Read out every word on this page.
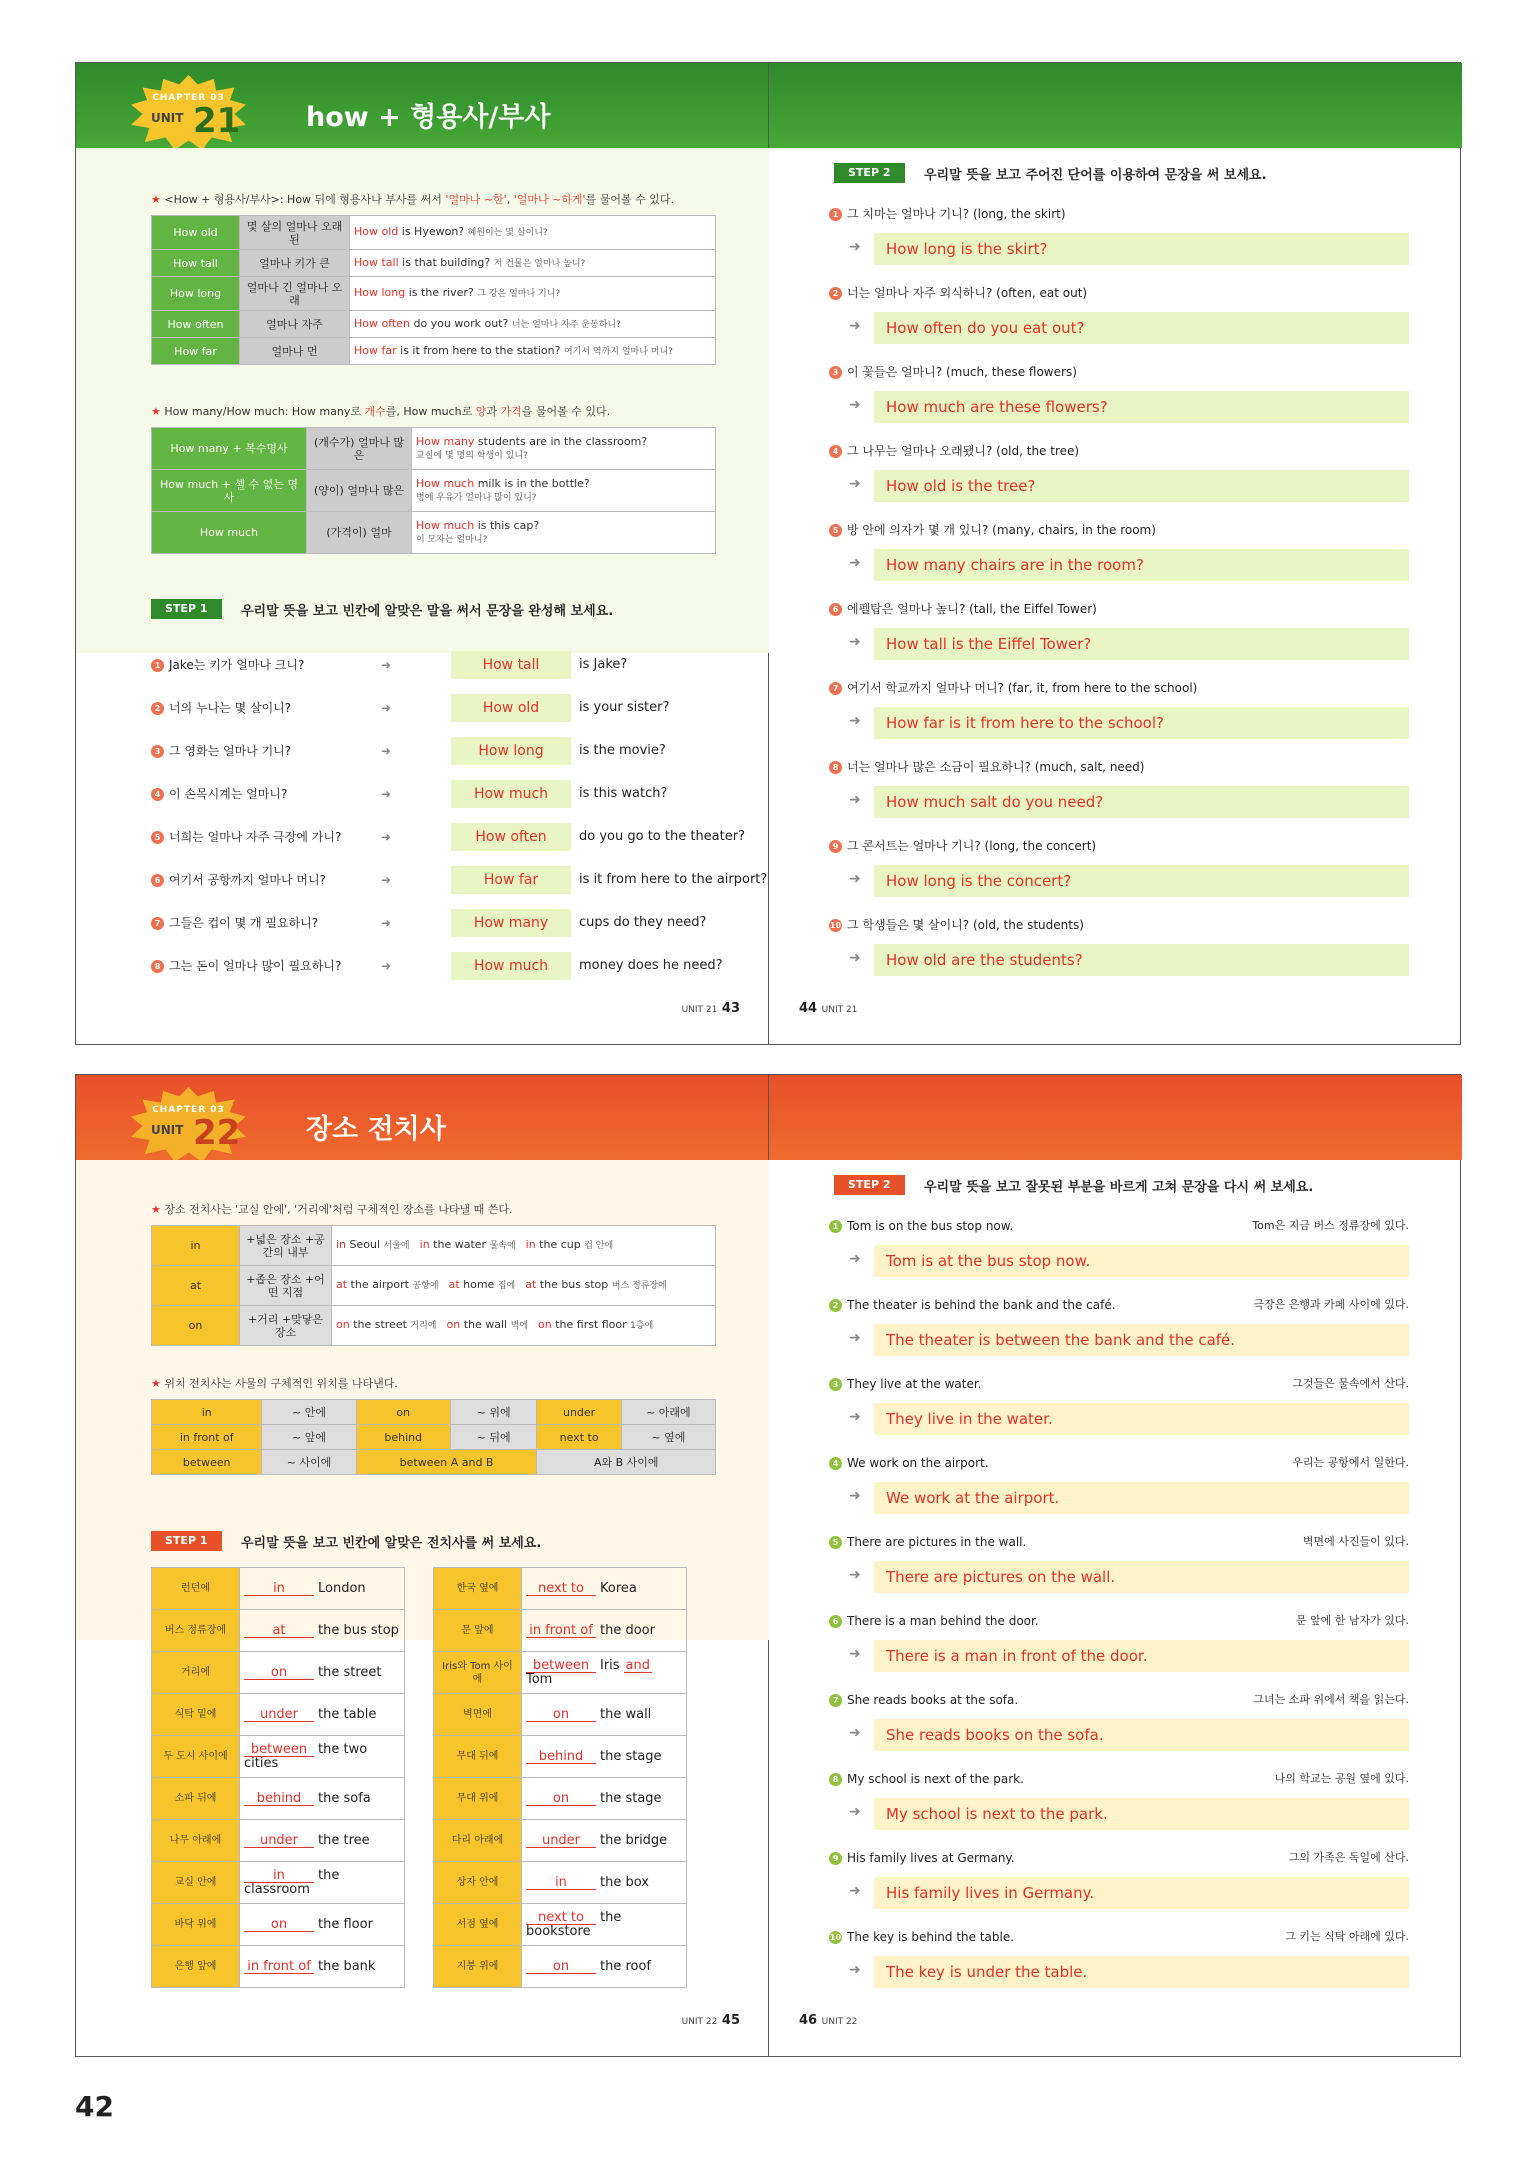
CHAPTER 03
UNIT 21 how + 형용사/부사
★ <How + 형용사/부사>: How 뒤에 형용사나 부사를 써서 '얼마나 ~한', '얼마나 ~하게'를 물어볼 수 있다.
How old	몇 살의 얼마나 오래된	How old is Hyewon? 혜원이는 몇 살이니?
How tall	얼마나 키가 큰	How tall is that building? 저 건물은 얼마나 높니?
How long	얼마나 긴 얼마나 오래	How long is the river? 그 강은 얼마나 기니?
How often	얼마나 자주	How often do you work out? 너는 얼마나 자주 운동하니?
How far	얼마나 먼	How far is it from here to the station? 여기서 역까지 얼마나 머니?
★ How many/How much: How many로 개수를, How much로 양과 가격을 물어볼 수 있다.
How many + 복수명사	(개수가) 얼마나 많은	How many students are in the classroom?
교실에 몇 명의 학생이 있니?
How much + 셀 수 없는 명사	(양이) 얼마나 많은	How much milk is in the bottle?
병에 우유가 얼마나 많이 있니?
How much	(가격이) 얼마	How much is this cap?
이 모자는 얼마니?
STEP 1	우리말 뜻을 보고 빈칸에 알맞은 말을 써서 문장을 완성해 보세요.
1 Jake는 키가 얼마나 크니?	➜	How tall	is Jake?
2 너의 누나는 몇 살이니?	➜	How old	is your sister?
3 그 영화는 얼마나 기니?	➜	How long	is the movie?
4 이 손목시계는 얼마니?	➜	How much	is this watch?
5 너희는 얼마나 자주 극장에 가니?	➜	How often	do you go to the theater?
6 여기서 공항까지 얼마나 머니?	➜	How far	is it from here to the airport?
7 그들은 컵이 몇 개 필요하니?	➜	How many	cups do they need?
8 그는 돈이 얼마나 많이 필요하니?	➜	How much	money does he need?
UNIT 21 43
STEP 2	우리말 뜻을 보고 주어진 단어를 이용하여 문장을 써 보세요.
1 그 치마는 얼마나 기니? (long, the skirt)
➜	How long is the skirt?
2 너는 얼마나 자주 외식하니? (often, eat out)
➜	How often do you eat out?
3 이 꽃들은 얼마니? (much, these flowers)
➜	How much are these flowers?
4 그 나무는 얼마나 오래됐니? (old, the tree)
➜	How old is the tree?
5 방 안에 의자가 몇 개 있니? (many, chairs, in the room)
➜	How many chairs are in the room?
6 에펠탑은 얼마나 높니? (tall, the Eiffel Tower)
➜	How tall is the Eiffel Tower?
7 여기서 학교까지 얼마나 머니? (far, it, from here to the school)
➜	How far is it from here to the school?
8 너는 얼마나 많은 소금이 필요하니? (much, salt, need)
➜	How much salt do you need?
9 그 콘서트는 얼마나 기니? (long, the concert)
➜	How long is the concert?
10 그 학생들은 몇 살이니? (old, the students)
➜	How old are the students?
44 UNIT 21
CHAPTER 03
UNIT 22 장소 전치사
★ 장소 전치사는 '교실 안에', '거리에'처럼 구체적인 장소를 나타낼 때 쓴다.
in	+넓은 장소 +공간의 내부	in Seoul 서울에 in the water 물속에 in the cup 컵 안에
at	+좁은 장소 +어떤 지점	at the airport 공항에 at home 집에 at the bus stop 버스 정류장에
on	+거리 +맞닿은 장소	on the street 거리에 on the wall 벽에 on the first floor 1층에
★ 위치 전치사는 사물의 구체적인 위치를 나타낸다.
in	~ 안에	on	~ 위에	under	~ 아래에
in front of	~ 앞에	behind	~ 뒤에	next to	~ 옆에
between	~ 사이에	between A and B		A와 B 사이에	
STEP 1	우리말 뜻을 보고 빈칸에 알맞은 전치사를 써 보세요.
런던에	in London
버스 정류장에	at the bus stop
거리에	on the street
식탁 밑에	under the table
두 도시 사이에	between the two cities
소파 뒤에	behind the sofa
나무 아래에	under the tree
교실 안에	in the classroom
바닥 위에	on the floor
은행 앞에	in front of the bank
한국 옆에	next to Korea
문 앞에	in front of the door
Iris와 Tom 사이에	between Iris andTom
벽면에	on the wall
무대 뒤에	behind the stage
무대 위에	on the stage
다리 아래에	under the bridge
상자 안에	in the box
서점 옆에	next to the bookstore
지붕 위에	on the roof
UNIT 22 45
STEP 2	우리말 뜻을 보고 잘못된 부분을 바르게 고쳐 문장을 다시 써 보세요.
1 Tom is on the bus stop now.	Tom은 지금 버스 정류장에 있다.
➜	Tom is at the bus stop now.
2 The theater is behind the bank and the café.	극장은 은행과 카페 사이에 있다.
➜	The theater is between the bank and the café.
3 They live at the water.	그것들은 물속에서 산다.
➜	They live in the water.
4 We work on the airport.	우리는 공항에서 일한다.
➜	We work at the airport.
5 There are pictures in the wall.	벽면에 사진들이 있다.
➜	There are pictures on the wall.
6 There is a man behind the door.	문 앞에 한 남자가 있다.
➜	There is a man in front of the door.
7 She reads books at the sofa.	그녀는 소파 위에서 책을 읽는다.
➜	She reads books on the sofa.
8 My school is next of the park.	나의 학교는 공원 옆에 있다.
➜	My school is next to the park.
9 His family lives at Germany.	그의 가족은 독일에 산다.
➜	His family lives in Germany.
10 The key is behind the table.	그 키는 식탁 아래에 있다.
➜	The key is under the table.
46 UNIT 22
42
